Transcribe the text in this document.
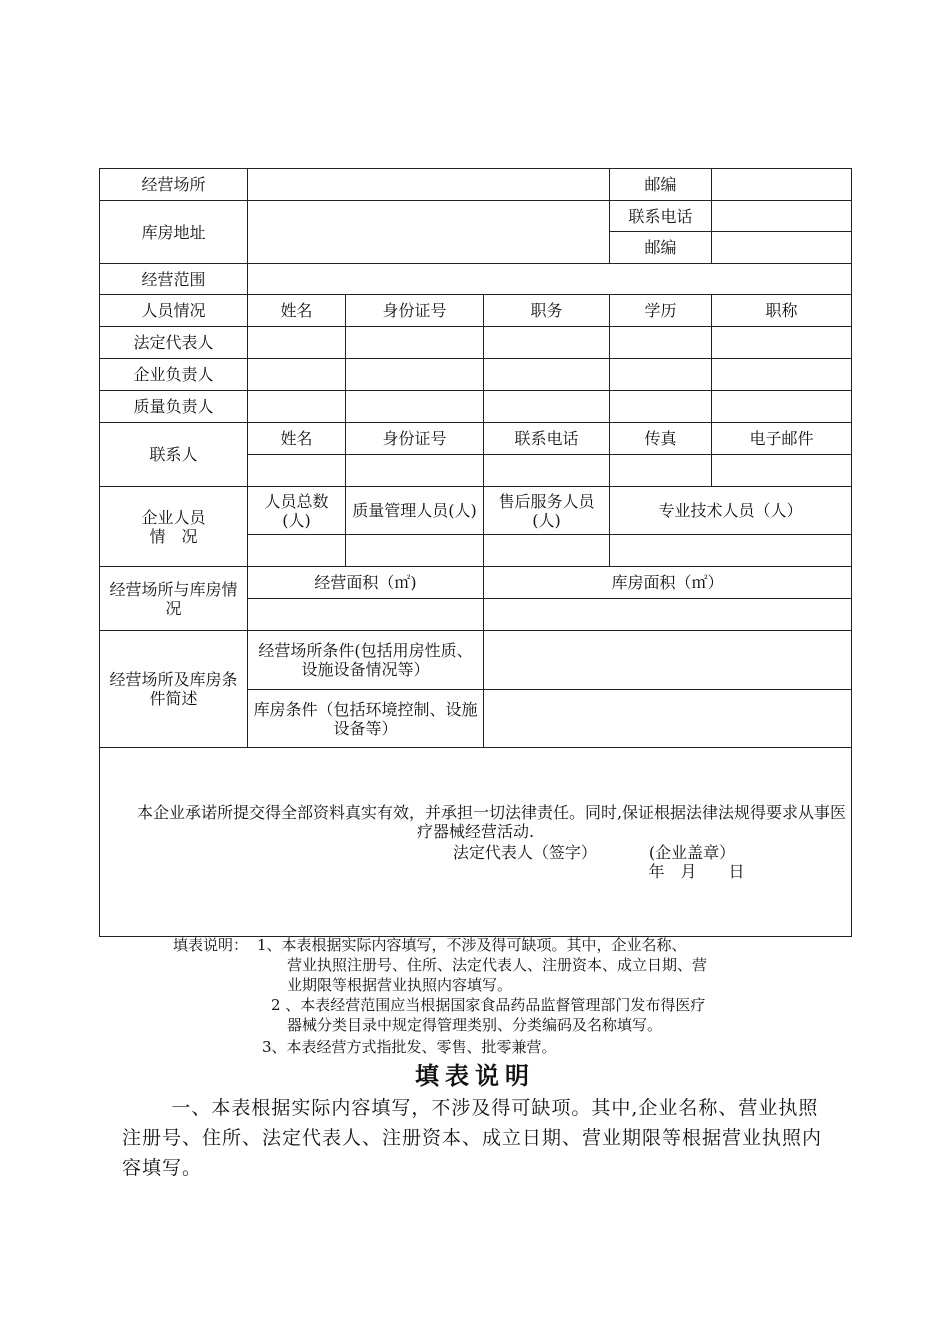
经营场所				邮编	
库房地址				联系电话	
				邮编	
经营范围					
人员情况	姓名	身份证号	职务	学历	职称
法定代表人					
企业负责人					
质量负责人					
联系人	姓名	身份证号	联系电话	传真	电子邮件

企业人员
情　况	人员总数(人)	质量管理人员(人)	售后服务人员(人)	专业技术人员（人）	

经营场所与库房情况	经营面积（㎡)		库房面积（㎡）		

经营场所及库房条件简述	经营场所条件(包括用房性质、设施设备情况等）				
	库房条件（包括环境控制、设施设备等）				

本企业承诺所提交得全部资料真实有效，并承担一切法律责任。同时,保证根据法律法规得要求从事医疗器械经营活动.

法定代表人（签字） (企业盖章）
年　月　　日					
填表说明： 1、本表根据实际内容填写，不涉及得可缺项。其中，企业名称、
营业执照注册号、住所、法定代表人、注册资本、成立日期、营
业期限等根据营业执照内容填写。
2 、本表经营范围应当根据国家食品药品监督管理部门发布得医疗
器械分类目录中规定得管理类别、分类编码及名称填写。
3、本表经营方式指批发、零售、批零兼营。
填表说明

一、本表根据实际内容填写，不涉及得可缺项。其中,企业名称、营业执照注册号、住所、法定代表人、注册资本、成立日期、营业期限等根据营业执照内容填写。
